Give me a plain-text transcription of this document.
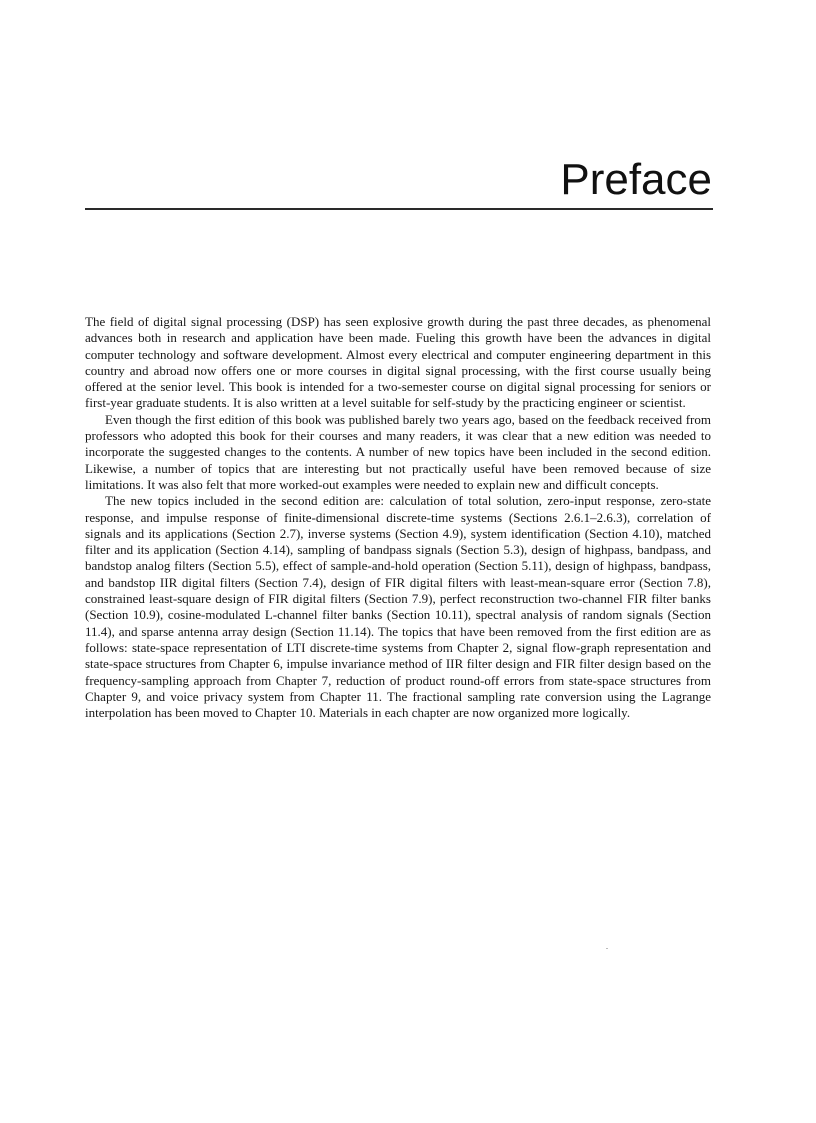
Preface

The field of digital signal processing (DSP) has seen explosive growth during the past three decades, as phenomenal advances both in research and application have been made. Fueling this growth have been the advances in digital computer technology and software development. Almost every electrical and computer engineering department in this country and abroad now offers one or more courses in digital signal processing, with the first course usually being offered at the senior level. This book is intended for a two-semester course on digital signal processing for seniors or first-year graduate students. It is also written at a level suitable for self-study by the practicing engineer or scientist.

Even though the first edition of this book was published barely two years ago, based on the feedback received from professors who adopted this book for their courses and many readers, it was clear that a new edition was needed to incorporate the suggested changes to the contents. A number of new topics have been included in the second edition. Likewise, a number of topics that are interesting but not practically useful have been removed because of size limitations. It was also felt that more worked-out examples were needed to explain new and difficult concepts.

The new topics included in the second edition are: calculation of total solution, zero-input response, zero-state response, and impulse response of finite-dimensional discrete-time systems (Sections 2.6.1–2.6.3), correlation of signals and its applications (Section 2.7), inverse systems (Section 4.9), system identification (Section 4.10), matched filter and its application (Section 4.14), sampling of bandpass signals (Section 5.3), design of highpass, bandpass, and bandstop analog filters (Section 5.5), effect of sample-and-hold operation (Section 5.11), design of highpass, bandpass, and bandstop IIR digital filters (Section 7.4), design of FIR digital filters with least-mean-square error (Section 7.8), constrained least-square design of FIR digital filters (Section 7.9), perfect reconstruction two-channel FIR filter banks (Section 10.9), cosine-modulated L-channel filter banks (Section 10.11), spectral analysis of random signals (Section 11.4), and sparse antenna array design (Section 11.14). The topics that have been removed from the first edition are as follows: state-space representation of LTI discrete-time systems from Chapter 2, signal flow-graph representation and state-space structures from Chapter 6, impulse invariance method of IIR filter design and FIR filter design based on the frequency-sampling approach from Chapter 7, reduction of product round-off errors from state-space structures from Chapter 9, and voice privacy system from Chapter 11. The fractional sampling rate conversion using the Lagrange interpolation has been moved to Chapter 10. Materials in each chapter are now organized more logically.
